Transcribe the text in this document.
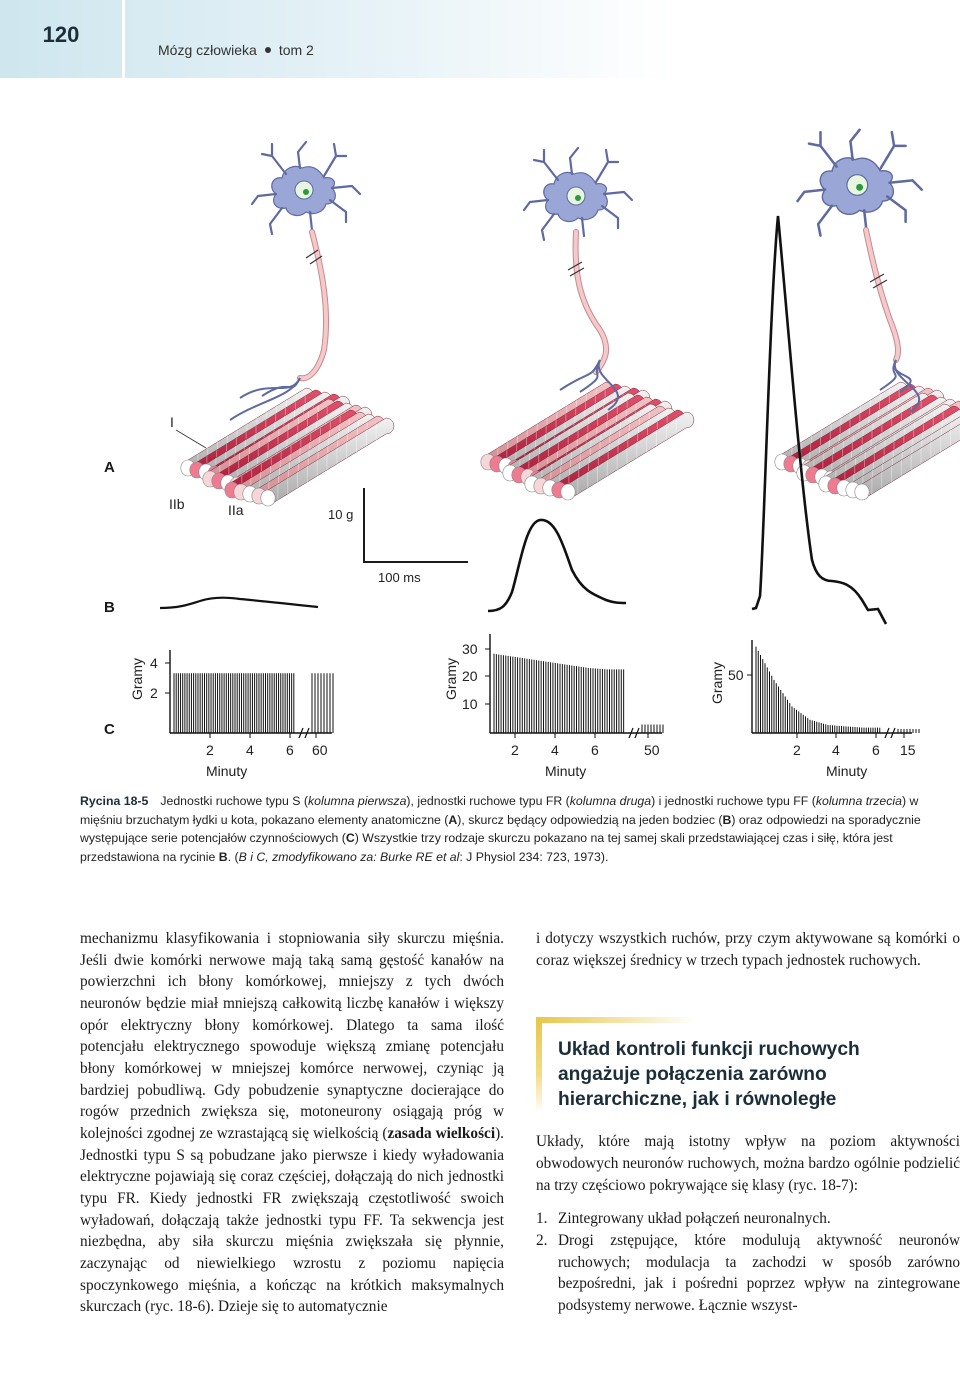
120
Mózg człowieka tom 2
A
B
C
I
IIb	IIa	10 g
100 ms
Gramy	Gramy	Gramy
Minuty	Minuty	Minuty
4
2
2 4 6 60
30
20
10
2 4 6	50
50
2 4 6 15
Rycina 18-5 Jednostki ruchowe typu S (kolumna pierwsza), jednostki ruchowe typu FR (kolumna druga) i jednostki ruchowe typu FF (kolumna trzecia) w mięśniu brzuchatym łydki u kota, pokazano elementy anatomiczne (A), skurcz będący odpowiedzią na jeden bodziec (B) oraz odpowiedzi na sporadycznie występujące serie potencjałów czynnościowych (C) Wszystkie trzy rodzaje skurczu pokazano na tej samej skali przedstawiającej czas i siłę, która jest przedstawiona na rycinie B. (B i C, zmodyfikowano za: Burke RE et al: J Physiol 234: 723, 1973).
mechanizmu klasyfikowania i stopniowania siły skurczu mięśnia. Jeśli dwie komórki nerwowe mają taką samą gęstość kanałów na powierzchni ich błony komórkowej, mniejszy z tych dwóch neuronów będzie miał mniejszą całkowitą liczbę kanałów i większy opór elektryczny błony komórkowej. Dlatego ta sama ilość potencjału elektrycznego spowoduje większą zmianę potencjału błony komórkowej w mniejszej komórce nerwowej, czyniąc ją bardziej pobudliwą. Gdy pobudzenie synaptyczne docierające do rogów przednich zwiększa się, motoneurony osiągają próg w kolejności zgodnej ze wzrastającą się wielkością (zasada wielkości). Jednostki typu S są pobudzane jako pierwsze i kiedy wyładowania elektryczne pojawiają się coraz częściej, dołączają do nich jednostki typu FR. Kiedy jednostki FR zwiększają częstotliwość swoich wyładowań, dołączają także jednostki typu FF. Ta sekwencja jest niezbędna, aby siła skurczu mięśnia zwiększała się płynnie, zaczynając od niewielkiego wzrostu z poziomu napięcia spoczynkowego mięśnia, a kończąc na krótkich maksymalnych skurczach (ryc. 18-6). Dzieje się to automatycznie
i dotyczy wszystkich ruchów, przy czym aktywowane są komórki o coraz większej średnicy w trzech typach jednostek ruchowych.
Układ kontroli funkcji ruchowych angażuje połączenia zarówno hierarchiczne, jak i równoległe
Układy, które mają istotny wpływ na poziom aktywności obwodowych neuronów ruchowych, można bardzo ogólnie podzielić na trzy częściowo pokrywające się klasy (ryc. 18-7):
1. Zintegrowany układ połączeń neuronalnych.
2. Drogi zstępujące, które modulują aktywność neuronów ruchowych; modulacja ta zachodzi w sposób zarówno bezpośredni, jak i pośredni poprzez wpływ na zintegrowane podsystemy nerwowe. Łącznie wszyst-
